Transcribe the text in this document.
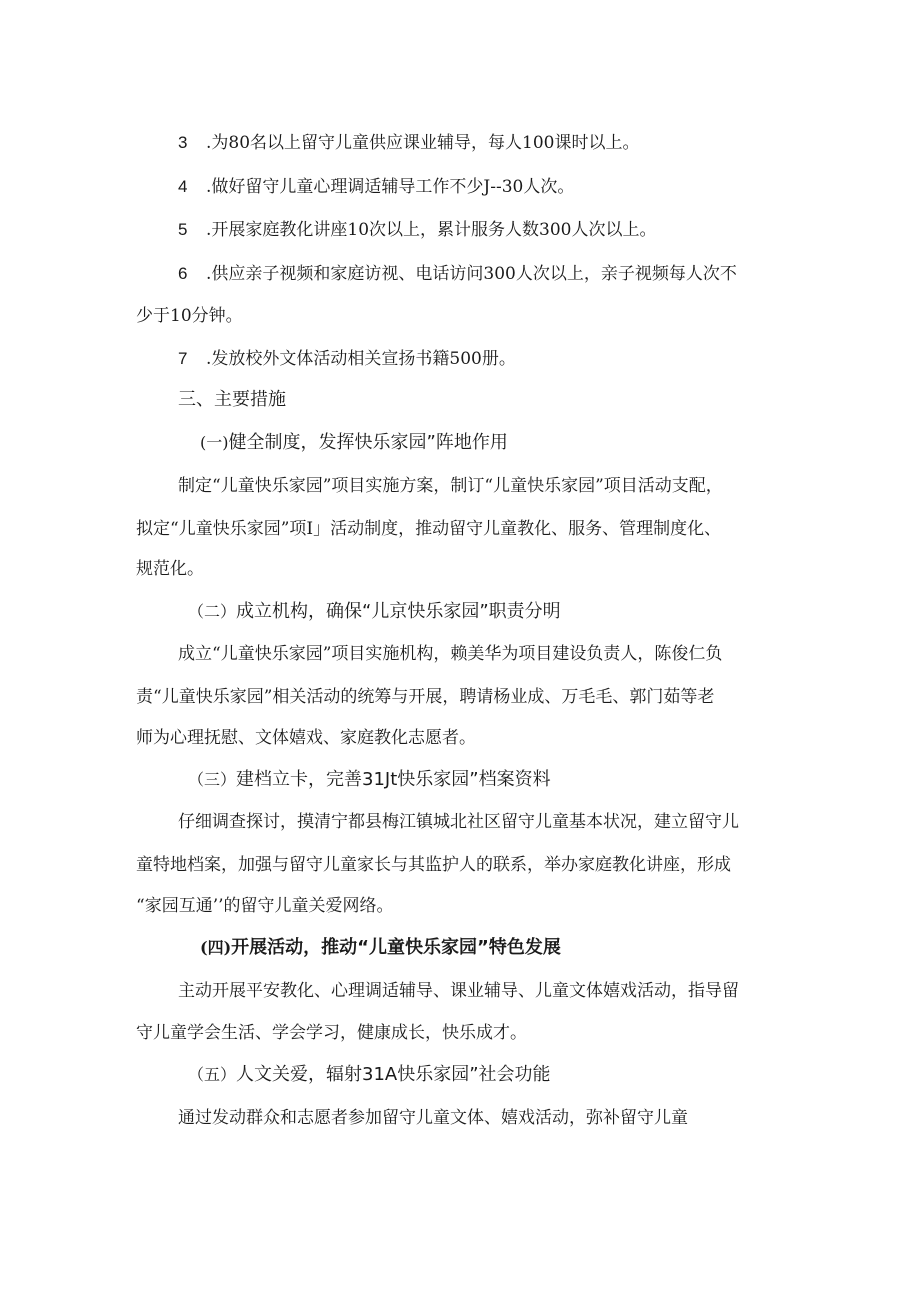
3 .为80名以上留守儿童供应课业辅导，每人100课时以上。
4 .做好留守儿童心理调适辅导工作不少J--30人次。
5 .开展家庭教化讲座10次以上，累计服务人数300人次以上。
6 .供应亲子视频和家庭访视、电话访问300人次以上，亲子视频每人次不
少于10分钟。
7 .发放校外文体活动相关宣扬书籍500册。
三、主要措施
(一)健全制度，发挥快乐家园”阵地作用
制定“儿童快乐家园”项目实施方案，制订“儿童快乐家园”项目活动支配，
拟定“儿童快乐家园”项I」活动制度，推动留守儿童教化、服务、管理制度化、
规范化。
（二）成立机构，确保“儿京快乐家园”职责分明
成立“儿童快乐家园”项目实施机构，赖美华为项目建设负责人，陈俊仁负
责“儿童快乐家园”相关活动的统筹与开展，聘请杨业成、万毛毛、郭门茹等老
师为心理抚慰、文体嬉戏、家庭教化志愿者。
（三）建档立卡，完善31Jt快乐家园”档案资料
仔细调查探讨，摸清宁都县梅江镇城北社区留守儿童基本状况，建立留守儿
童特地档案，加强与留守儿童家长与其监护人的联系，举办家庭教化讲座，形成
“家园互通’’的留守儿童关爱网络。
(四)开展活动，推动“儿童快乐家园”特色发展
主动开展平安教化、心理调适辅导、课业辅导、儿童文体嬉戏活动，指导留
守儿童学会生活、学会学习，健康成长，快乐成才。
（五）人文关爱，辐射31A快乐家园”社会功能
通过发动群众和志愿者参加留守儿童文体、嬉戏活动，弥补留守儿童
